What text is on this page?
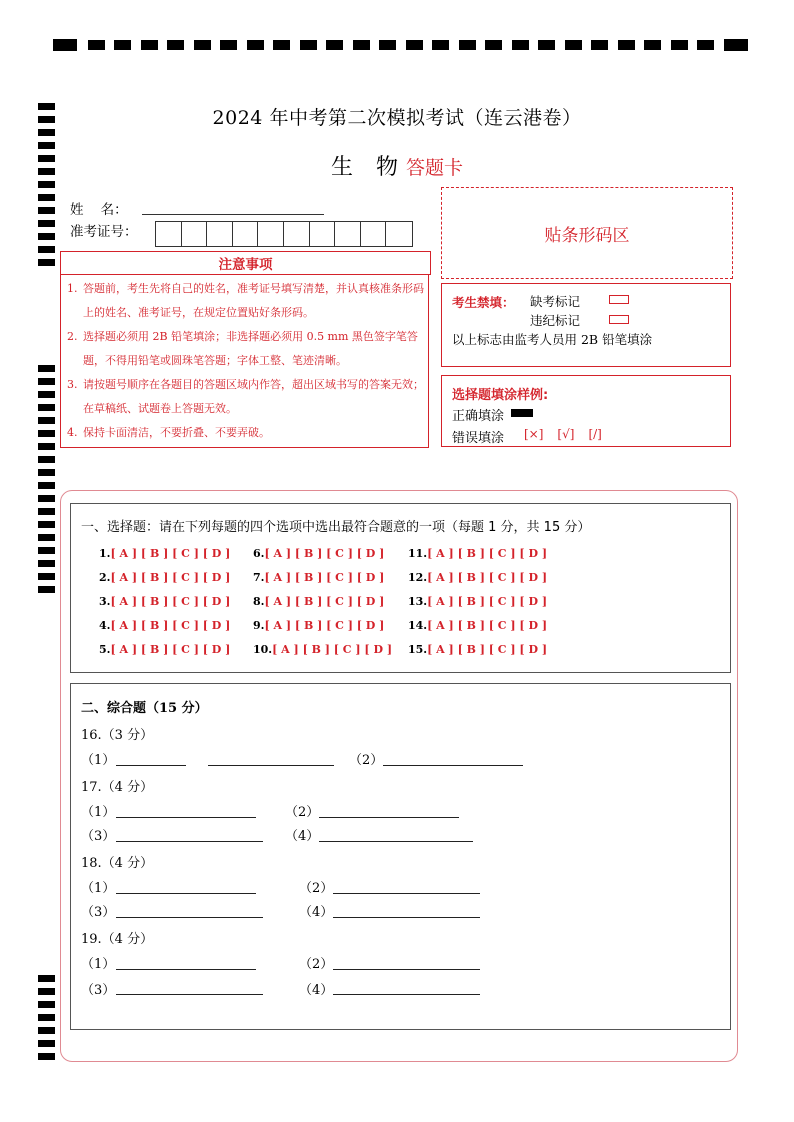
2024 年中考第二次模拟考试（连云港卷）
生 物答题卡
姓    名：
准考证号：	贴条形码区
注意事项
1. 答题前，考生先将自己的姓名，准考证号填写清楚，并认真核准条形码上的姓名、准考证号，在规定位置贴好条形码。
2. 选择题必须用 2B 铅笔填涂；非选择题必须用 0.5 mm 黑色签字笔答题，不得用铅笔或圆珠笔答题；字体工整、笔迹清晰。
3. 请按题号顺序在各题目的答题区域内作答，超出区域书写的答案无效；在草稿纸、试题卷上答题无效。
4. 保持卡面清洁，不要折叠、不要弄破。
考生禁填： 缺考标记
违纪标记
以上标志由监考人员用 2B 铅笔填涂
选择题填涂样例:
正确填涂
错误填涂 [×] [√] [/]
一、选择题：请在下列每题的四个选项中选出最符合题意的一项（每题 1 分，共 15 分）
1.[ A ] [ B ] [ C ] [ D ]
2.[ A ] [ B ] [ C ] [ D ]
3.[ A ] [ B ] [ C ] [ D ]
4.[ A ] [ B ] [ C ] [ D ]
5.[ A ] [ B ] [ C ] [ D ]
6.[ A ] [ B ] [ C ] [ D ]
7.[ A ] [ B ] [ C ] [ D ]
8.[ A ] [ B ] [ C ] [ D ]
9.[ A ] [ B ] [ C ] [ D ]
10.[ A ] [ B ] [ C ] [ D ]
11.[ A ] [ B ] [ C ] [ D ]
12.[ A ] [ B ] [ C ] [ D ]
13.[ A ] [ B ] [ C ] [ D ]
14.[ A ] [ B ] [ C ] [ D ]
15.[ A ] [ B ] [ C ] [ D ]
二、综合题（15 分）
16.（3 分）
（1）	（2）
17.（4 分）
（1）	（2）
（3）	（4）
18.（4 分）
（1）	（2）
（3）	（4）
19.（4 分）
（1）	（2）
（3）	（4）
